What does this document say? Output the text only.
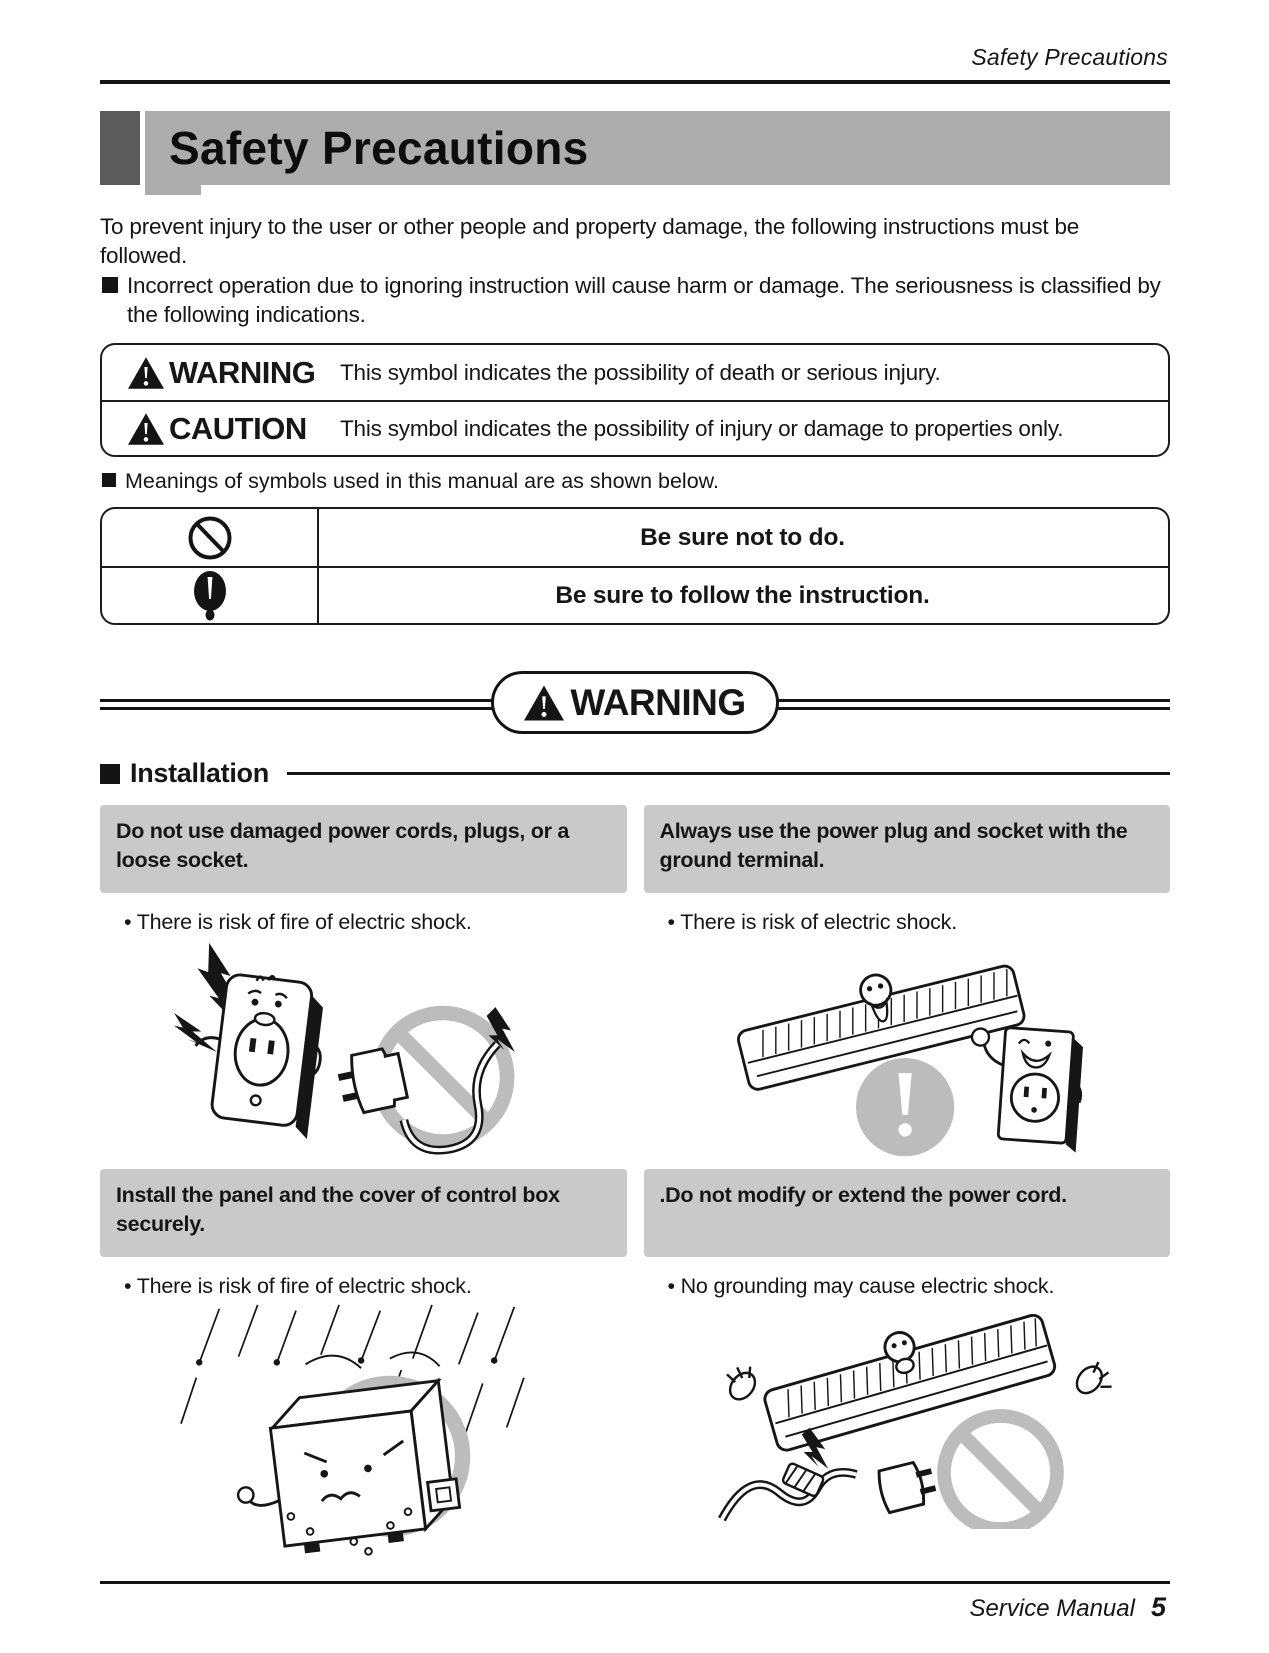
Safety Precautions
Safety Precautions
To prevent injury to the user or other people and property damage, the following instructions must be followed.
Incorrect operation due to ignoring instruction will cause harm or damage. The seriousness is classified by the following indications.
WARNING This symbol indicates the possibility of death or serious injury.
CAUTION This symbol indicates the possibility of injury or damage to properties only.
Meanings of symbols used in this manual are as shown below.
Be sure not to do.
Be sure to follow the instruction.
WARNING
Installation
Do not use damaged power cords, plugs, or a loose socket.
• There is risk of fire of electric shock.
Always use the power plug and socket with the ground terminal.
• There is risk of electric shock.
Install the panel and the cover of control box securely.
• There is risk of fire of electric shock.
.Do not modify or extend the power cord.
• No grounding may cause electric shock.
Service Manual 5
